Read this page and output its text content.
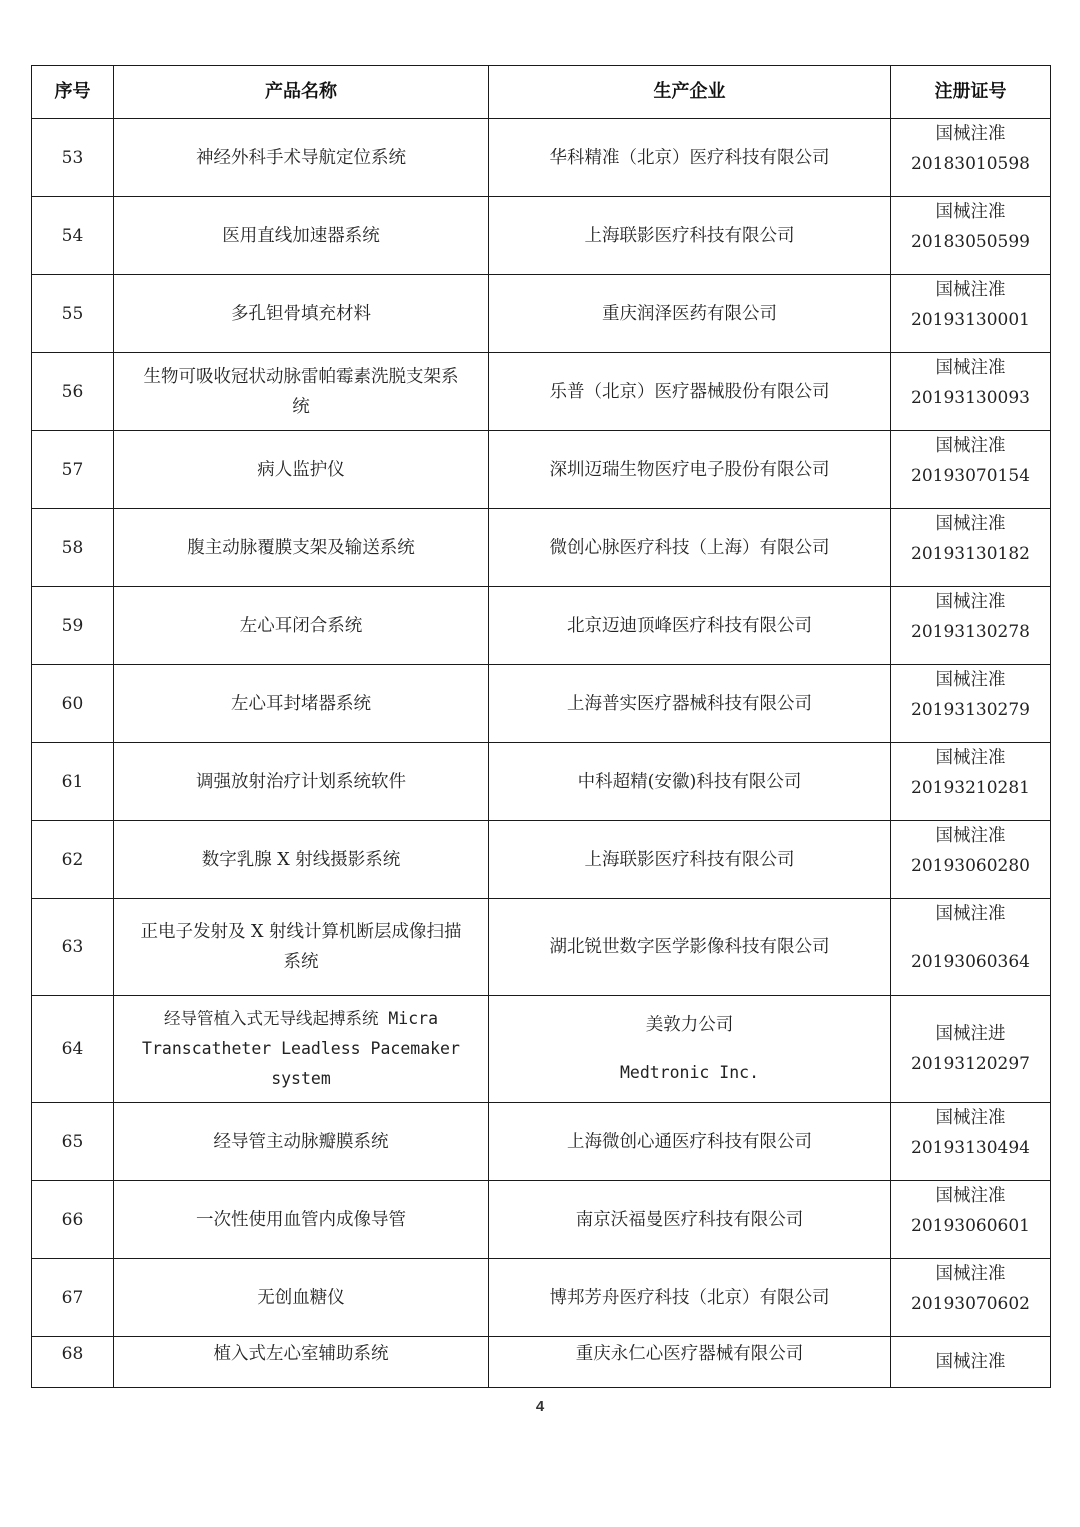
序号	产品名称	生产企业	注册证号
53	神经外科手术导航定位系统	华科精准（北京）医疗科技有限公司	国械注准
20183010598

54	医用直线加速器系统	上海联影医疗科技有限公司	国械注准
20183050599

55	多孔钽骨填充材料	重庆润泽医药有限公司	国械注准
20193130001

56	生物可吸收冠状动脉雷帕霉素洗脱支架系
统	乐普（北京）医疗器械股份有限公司	国械注准
20193130093

57	病人监护仪	深圳迈瑞生物医疗电子股份有限公司	国械注准
20193070154

58	腹主动脉覆膜支架及输送系统	微创心脉医疗科技（上海）有限公司	国械注准
20193130182

59	左心耳闭合系统	北京迈迪顶峰医疗科技有限公司	国械注准
20193130278

60	左心耳封堵器系统	上海普实医疗器械科技有限公司	国械注准
20193130279

61	调强放射治疗计划系统软件	中科超精(安徽)科技有限公司	国械注准
20193210281

62	数字乳腺 X 射线摄影系统	上海联影医疗科技有限公司	国械注准
20193060280

63	正电子发射及 X 射线计算机断层成像扫描
系统	湖北锐世数字医学影像科技有限公司	国械注准
20193060364

64	经导管植入式无导线起搏系统 Micra
Transcatheter Leadless Pacemaker
system	美敦力公司
Medtronic Inc.	国械注进
20193120297

65	经导管主动脉瓣膜系统	上海微创心通医疗科技有限公司	国械注准
20193130494

66	一次性使用血管内成像导管	南京沃福曼医疗科技有限公司	国械注准
20193060601

67	无创血糖仪	博邦芳舟医疗科技（北京）有限公司	国械注准
20193070602

68	植入式左心室辅助系统	重庆永仁心医疗器械有限公司	国械注准
4
